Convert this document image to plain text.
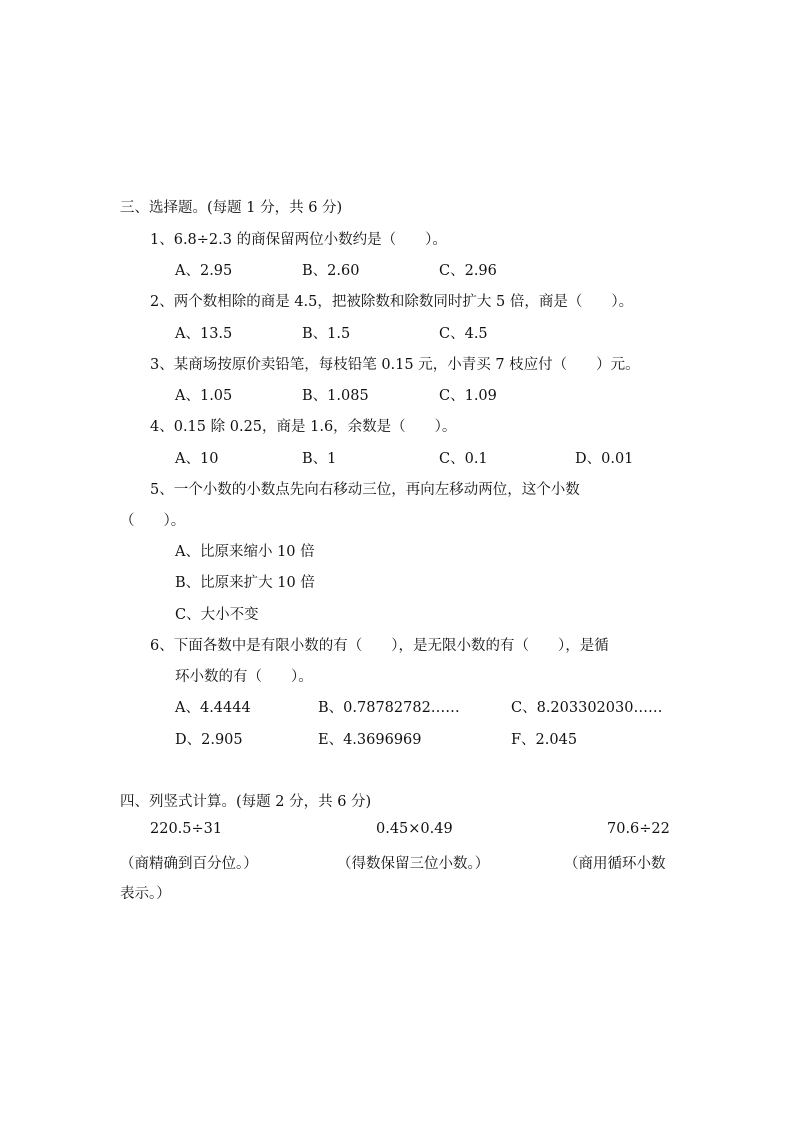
三、选择题。(每题 1 分，共 6 分)
1、6.8÷2.3 的商保留两位小数约是（　　）。
A、2.95	B、2.60	C、2.96
2、两个数相除的商是 4.5，把被除数和除数同时扩大 5 倍，商是（　　）。
A、13.5	B、1.5	C、4.5
3、某商场按原价卖铅笔，每枝铅笔 0.15 元，小青买 7 枝应付（　　）元。
A、1.05	B、1.085	C、1.09
4、0.15 除 0.25，商是 1.6，余数是（　　）。
A、10	B、1	C、0.1	D、0.01
5、一个小数的小数点先向右移动三位，再向左移动两位，这个小数
（　　）。
A、比原来缩小 10 倍
B、比原来扩大 10 倍
C、大小不变
6、下面各数中是有限小数的有（　　），是无限小数的有（　　），是循
环小数的有（　　）。
A、4.4444	B、0.78782782……	C、8.203302030……
D、2.905	E、4.3696969	F、2.045
四、列竖式计算。(每题 2 分，共 6 分)
220.5÷31	0.45×0.49	70.6÷22
（商精确到百分位。）	（得数保留三位小数。）	（商用循环小数
表示。）
